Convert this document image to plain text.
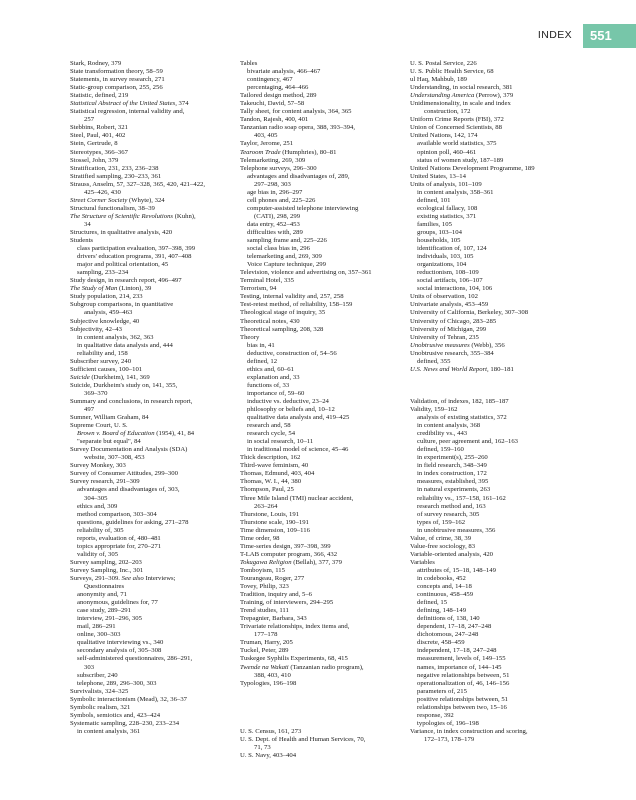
INDEX	551
Stark, Rodney, 379
State transformation theory, 58–59
Statements, in survey research, 271
Static-group comparison, 255, 256
Statistic, defined, 219
Statistical Abstract of the United States, 374
Statistical regression, internal validity and,
257
Stebbins, Robert, 321
Steel, Paul, 401, 402
Stein, Gertrude, 8
Stereotypes, 366–367
Stossel, John, 379
Stratification, 231, 233, 236–238
Stratified sampling, 230–233, 361
Strauss, Anselm, 57, 327–328, 365, 420, 421–422,
425–426, 430
Street Corner Society (Whyte), 324
Structural functionalism, 38–39
The Structure of Scientific Revolutions (Kuhn),
34
Structures, in qualitative analysis, 420
Students
class participation evaluation, 397–398, 399
drivers' education programs, 391, 407–408
major and political orientation, 45
sampling, 233–234
Study design, in research report, 496–497
The Study of Man (Linton), 39
Study population, 214, 233
Subgroup comparisons, in quantitative
analysis, 459–463
Subjective knowledge, 40
Subjectivity, 42–43
in content analysis, 362, 363
in qualitative data analysis and, 444
reliability and, 158
Subscriber survey, 240
Sufficient causes, 100–101
Suicide (Durkheim), 141, 369
Suicide, Durkheim's study on, 141, 355,
369–370
Summary and conclusions, in research report,
497
Sumner, William Graham, 84
Supreme Court, U. S.
Brown v. Board of Education (1954), 41, 84
"separate but equal", 84
Survey Documentation and Analysis (SDA)
website, 307–308, 453
Survey Monkey, 303
Survey of Consumer Attitudes, 299–300
Survey research, 291–309
advantages and disadvantages of, 303,
304–305
ethics and, 309
method comparison, 303–304
questions, guidelines for asking, 271–278
reliability of, 305
reports, evaluation of, 480–481
topics appropriate for, 270–271
validity of, 305
Survey sampling, 202–203
Survey Sampling, Inc., 301
Surveys, 291–309. See also Interviews;
Questionnaires
anonymity and, 71
anonymous, guidelines for, 77
case study, 289–291
interview, 291–296, 305
mail, 286–291
online, 300–303
qualitative interviewing vs., 340
secondary analysis of, 305–308
self-administered questionnaires, 286–291,
303
subscriber, 240
telephone, 289, 296–300, 303
Survivalists, 324–325
Symbolic interactionism (Mead), 32, 36–37
Symbolic realism, 321
Symbols, semiotics and, 423–424
Systematic sampling, 228–230, 233–234
in content analysis, 361
Tables
bivariate analysis, 466–467
contingency, 467
percentaging, 464–466
Tailored design method, 289
Takeuchi, David, 57–58
Tally sheet, for content analysis, 364, 365
Tandon, Rajesh, 400, 401
Tanzanian radio soap opera, 388, 393–394,
403, 405
Taylor, Jerome, 251
Tearoom Trade (Humphries), 80–81
Telemarketing, 269, 309
Telephone surveys, 296–300
advantages and disadvantages of, 289,
297–298, 303
age bias in, 296–297
cell phones and, 225–226
computer-assisted telephone interviewing
(CATI), 298, 299
data entry, 452–453
difficulties with, 289
sampling frame and, 225–226
social class bias in, 296
telemarketing and, 269, 309
Voice Capture technique, 299
Television, violence and advertising on, 357–361
Terminal Hotel, 335
Terrorism, 94
Testing, internal validity and, 257, 258
Test-retest method, of reliability, 158–159
Theological stage of inquiry, 35
Theoretical notes, 430
Theoretical sampling, 208, 328
Theory
bias in, 41
deductive, construction of, 54–56
defined, 12
ethics and, 60–61
explanation and, 33
functions of, 33
importance of, 59–60
inductive vs. deductive, 23–24
philosophy or beliefs and, 10–12
qualitative data analysis and, 419–425
research and, 58
research cycle, 54
in social research, 10–11
in traditional model of science, 45–46
Thick description, 162
Third-wave feminism, 40
Thomas, Edmund, 403, 404
Thomas, W. I., 44, 380
Thompson, Paul, 25
Three Mile Island (TMI) nuclear accident,
263–264
Thurstone, Louis, 191
Thurstone scale, 190–191
Time dimension, 109–116
Time order, 98
Time-series design, 397–398, 399
T-LAB computer program, 366, 432
Tokugawa Religion (Bellah), 377, 379
Tomboyism, 115
Tourangeau, Roger, 277
Tovey, Philip, 323
Tradition, inquiry and, 5–6
Training, of interviewers, 294–295
Trend studies, 111
Trepagnier, Barbara, 343
Trivariate relationships, index items and,
177–178
Truman, Harry, 205
Tuckel, Peter, 289
Tuskegee Syphilis Experiments, 68, 415
Twende na Wakati (Tanzanian radio program),
388, 403, 410
Typologies, 196–198

U. S. Census, 161, 273
U. S. Dept. of Health and Human Services, 70,
71, 73
U. S. Navy, 403–404
U. S. Postal Service, 226
U. S. Public Health Service, 68
ul Haq, Mahbub, 189
Understanding, in social research, 381
Understanding America (Perrow), 379
Unidimensionality, in scale and index
construction, 172
Uniform Crime Reports (FBI), 372
Union of Concerned Scientists, 88
United Nations, 142, 174
available world statistics, 375
opinion poll, 460–461
status of women study, 187–189
United Nations Development Programme, 189
United States, 13–14
Units of analysis, 101–109
in content analysis, 358–361
defined, 101
ecological fallacy, 108
existing statistics, 371
families, 105
groups, 103–104
households, 105
identification of, 107, 124
individuals, 103, 105
organizations, 104
reductionism, 108–109
social artifacts, 106–107
social interactions, 104, 106
Units of observation, 102
Univariate analysis, 453–459
University of California, Berkeley, 307–308
University of Chicago, 283–285
University of Michigan, 299
University of Tehran, 235
Unobtrusive measures (Webb), 356
Unobtrusive research, 355–384
defined, 355
U.S. News and World Report, 180–181

Validation, of indexes, 182, 185–187
Validity, 159–162
analysis of existing statistics, 372
in content analysis, 368
credibility vs., 443
culture, peer agreement and, 162–163
defined, 159–160
in experiment(s), 255–260
in field research, 348–349
in index construction, 172
measures, established, 395
in natural experiments, 263
reliability vs., 157–158, 161–162
research method and, 163
of survey research, 305
types of, 159–162
in unobtrusive measures, 356
Value, of crime, 38, 39
Value-free sociology, 83
Variable-oriented analysis, 420
Variables
attributes of, 15–18, 148–149
in codebooks, 452
concepts and, 14–18
continuous, 458–459
defined, 15
defining, 148–149
definitions of, 138, 140
dependent, 17–18, 247–248
dichotomous, 247–248
discrete, 458–459
independent, 17–18, 247–248
measurement, levels of, 149–155
names, importance of, 144–145
negative relationships between, 51
operationalization of, 46, 146–156
parameters of, 215
positive relationships between, 51
relationships between two, 15–16
response, 392
typologies of, 196–198
Variance, in index construction and scoring,
172–173, 178–179
